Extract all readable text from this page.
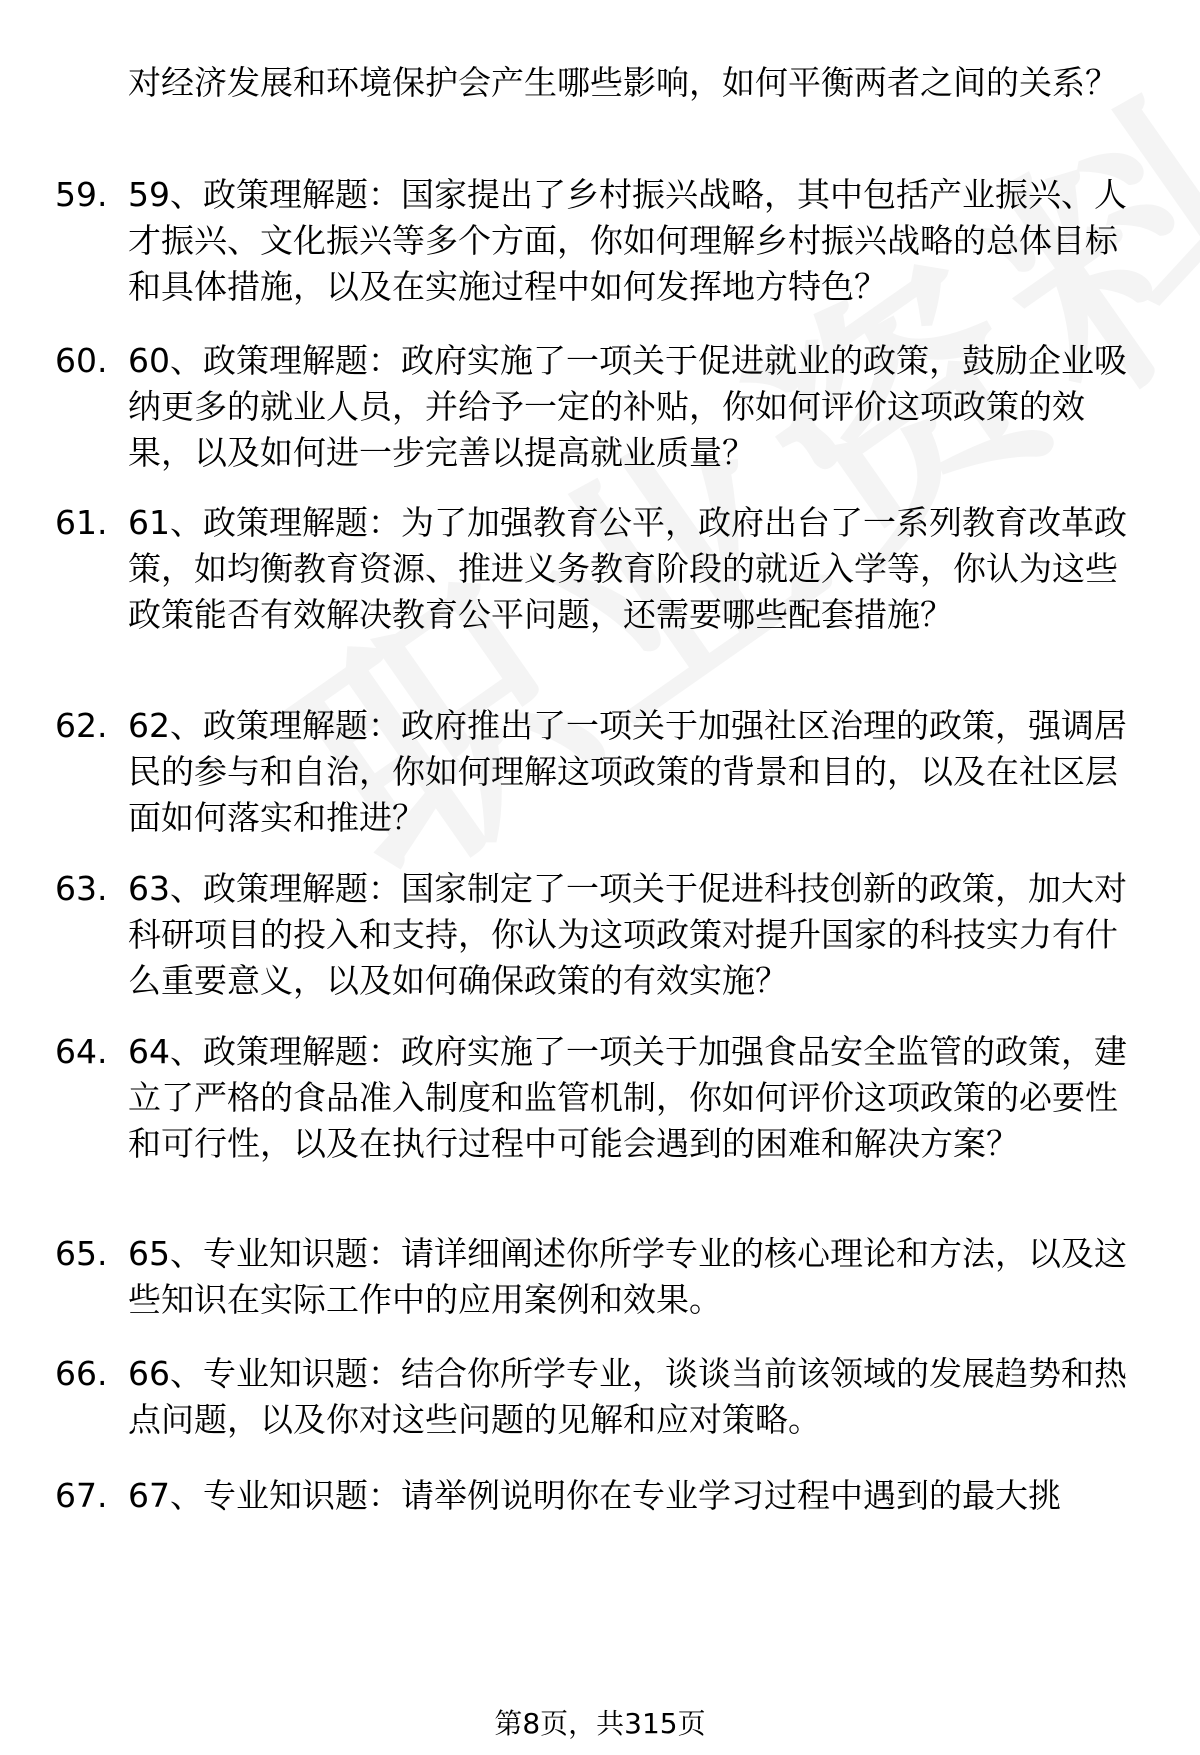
对经济发展和环境保护会产生哪些影响，如何平衡两者之间的关系？
59. 59、政策理解题：国家提出了乡村振兴战略，其中包括产业振兴、人才振兴、文化振兴等多个方面，你如何理解乡村振兴战略的总体目标和具体措施，以及在实施过程中如何发挥地方特色？
60. 60、政策理解题：政府实施了一项关于促进就业的政策，鼓励企业吸纳更多的就业人员，并给予一定的补贴，你如何评价这项政策的效果，以及如何进一步完善以提高就业质量？
61. 61、政策理解题：为了加强教育公平，政府出台了一系列教育改革政策，如均衡教育资源、推进义务教育阶段的就近入学等，你认为这些政策能否有效解决教育公平问题，还需要哪些配套措施？
62. 62、政策理解题：政府推出了一项关于加强社区治理的政策，强调居民的参与和自治，你如何理解这项政策的背景和目的，以及在社区层面如何落实和推进？
63. 63、政策理解题：国家制定了一项关于促进科技创新的政策，加大对科研项目的投入和支持，你认为这项政策对提升国家的科技实力有什么重要意义，以及如何确保政策的有效实施？
64. 64、政策理解题：政府实施了一项关于加强食品安全监管的政策，建立了严格的食品准入制度和监管机制，你如何评价这项政策的必要性和可行性，以及在执行过程中可能会遇到的困难和解决方案？
65. 65、专业知识题：请详细阐述你所学专业的核心理论和方法，以及这些知识在实际工作中的应用案例和效果。
66. 66、专业知识题：结合你所学专业，谈谈当前该领域的发展趋势和热点问题，以及你对这些问题的见解和应对策略。
67. 67、专业知识题：请举例说明你在专业学习过程中遇到的最大挑
第8页，共315页
